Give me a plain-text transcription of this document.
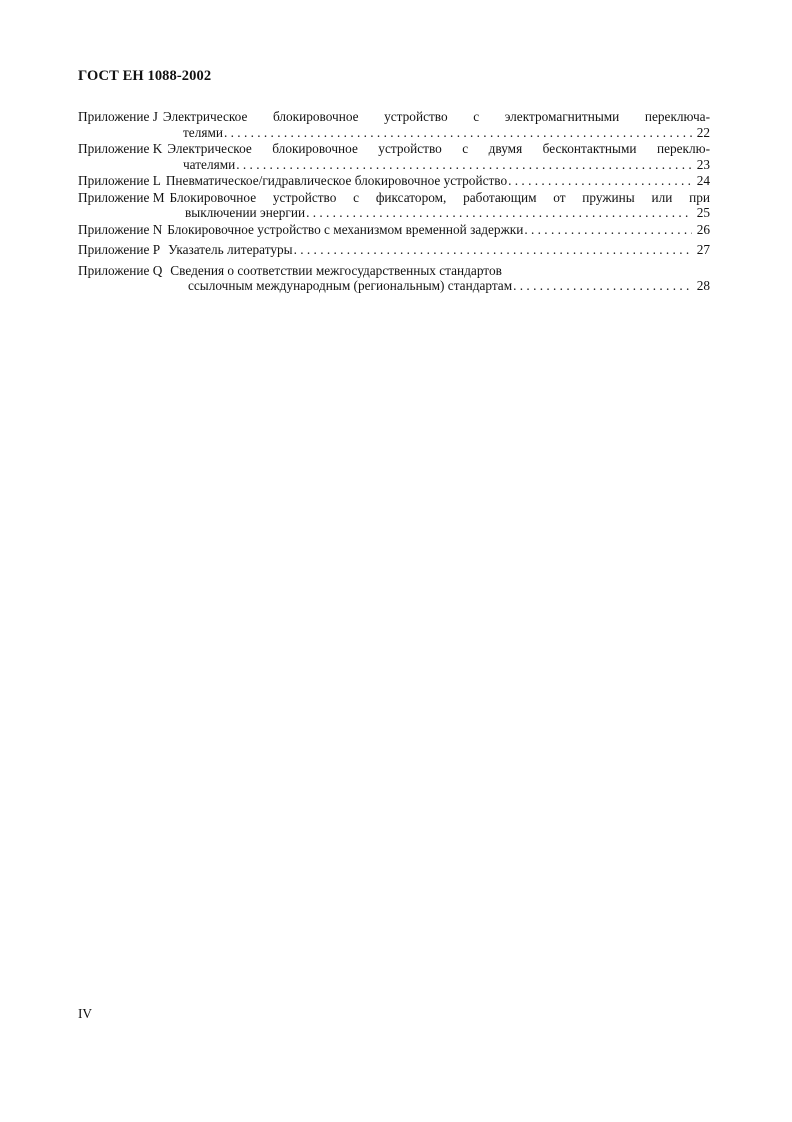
ГОСТ ЕН 1088-2002
Приложение J Электрическое блокировочное устройство с электромагнитными переключа-
телями . . .	22
Приложение K Электрическое блокировочное устройство с двумя бесконтактными переклю-
чателями . . .	23
Приложение L Пневматическое/гидравлическое блокировочное устройство . . .	24
Приложение M Блокировочное устройство с фиксатором, работающим от пружины или при
выключении энергии . . .	25
Приложение N Блокировочное устройство с механизмом временной задержки . . .	26
Приложение P Указатель литературы . . .	27
Приложение Q Сведения о соответствии межгосударственных стандартов
ссылочным международным (региональным) стандартам . . .	28
IV
